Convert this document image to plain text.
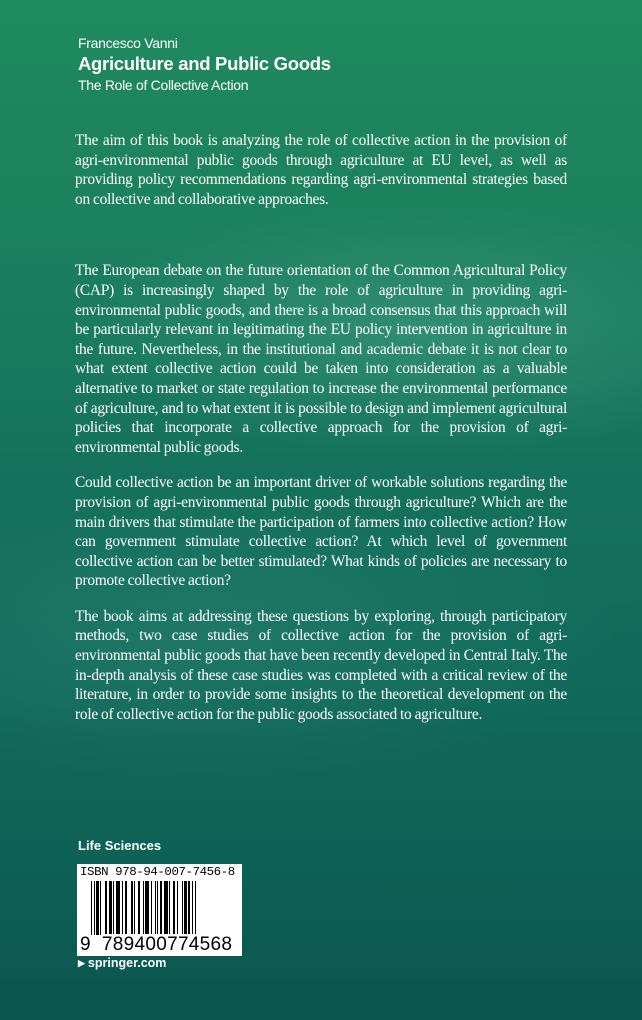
Francesco Vanni
Agriculture and Public Goods
The Role of Collective Action

The aim of this book is analyzing the role of collective action in the provision of agri-environmental public goods through agriculture at EU level, as well as providing policy recommendations regarding agri-environmental strategies based on collective and collaborative approaches.

The European debate on the future orientation of the Common Agricultural Policy (CAP) is increasingly shaped by the role of agriculture in providing agri-environmental public goods, and there is a broad consensus that this approach will be particularly relevant in legitimating the EU policy intervention in agriculture in the future. Nevertheless, in the institutional and academic debate it is not clear to what extent collective action could be taken into consideration as a valuable alternative to market or state regulation to increase the environmental performance of agriculture, and to what extent it is possible to design and implement agricultural policies that incorporate a collective approach for the provision of agri-environmental public goods.

Could collective action be an important driver of workable solutions regarding the provision of agri-environmental public goods through agriculture? Which are the main drivers that stimulate the participation of farmers into collective action? How can government stimulate collective action? At which level of government collective action can be better stimulated? What kinds of policies are necessary to promote collective action?

The book aims at addressing these questions by exploring, through participatory methods, two case studies of collective action for the provision of agri-environmental public goods that have been recently developed in Central Italy. The in-depth analysis of these case studies was completed with a critical review of the literature, in order to provide some insights to the theoretical development on the role of collective action for the public goods associated to agriculture.

Life Sciences
ISBN 978-94-007-7456-8
9 789400774568
▶ springer.com
